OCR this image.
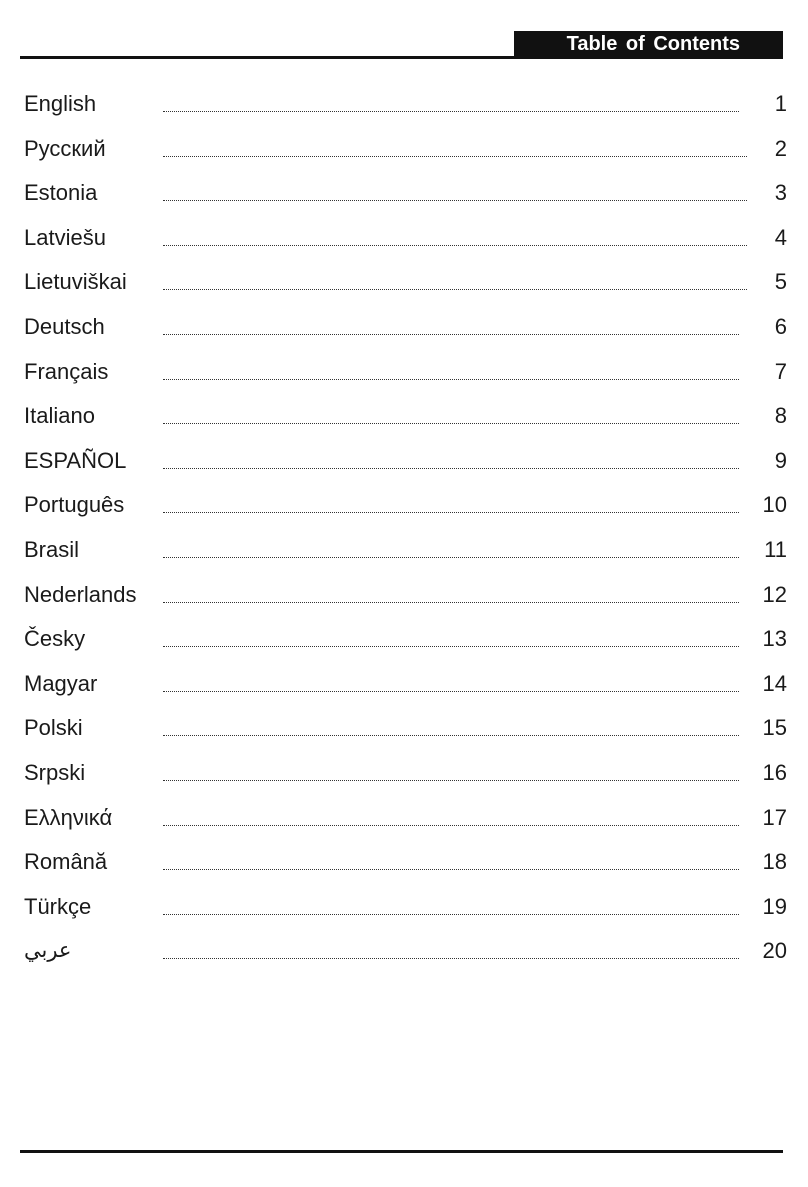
Table of Contents
English	1
Русский	2
Estonia	3
Latviešu	4
Lietuviškai	5
Deutsch	6
Français	7
Italiano	8
ESPAÑOL	9
Português	10
Brasil	11
Nederlands	12
Česky	13
Magyar	14
Polski	15
Srpski	16
Ελληνικά	17
Română	18
Türkçe	19
عربي	20
